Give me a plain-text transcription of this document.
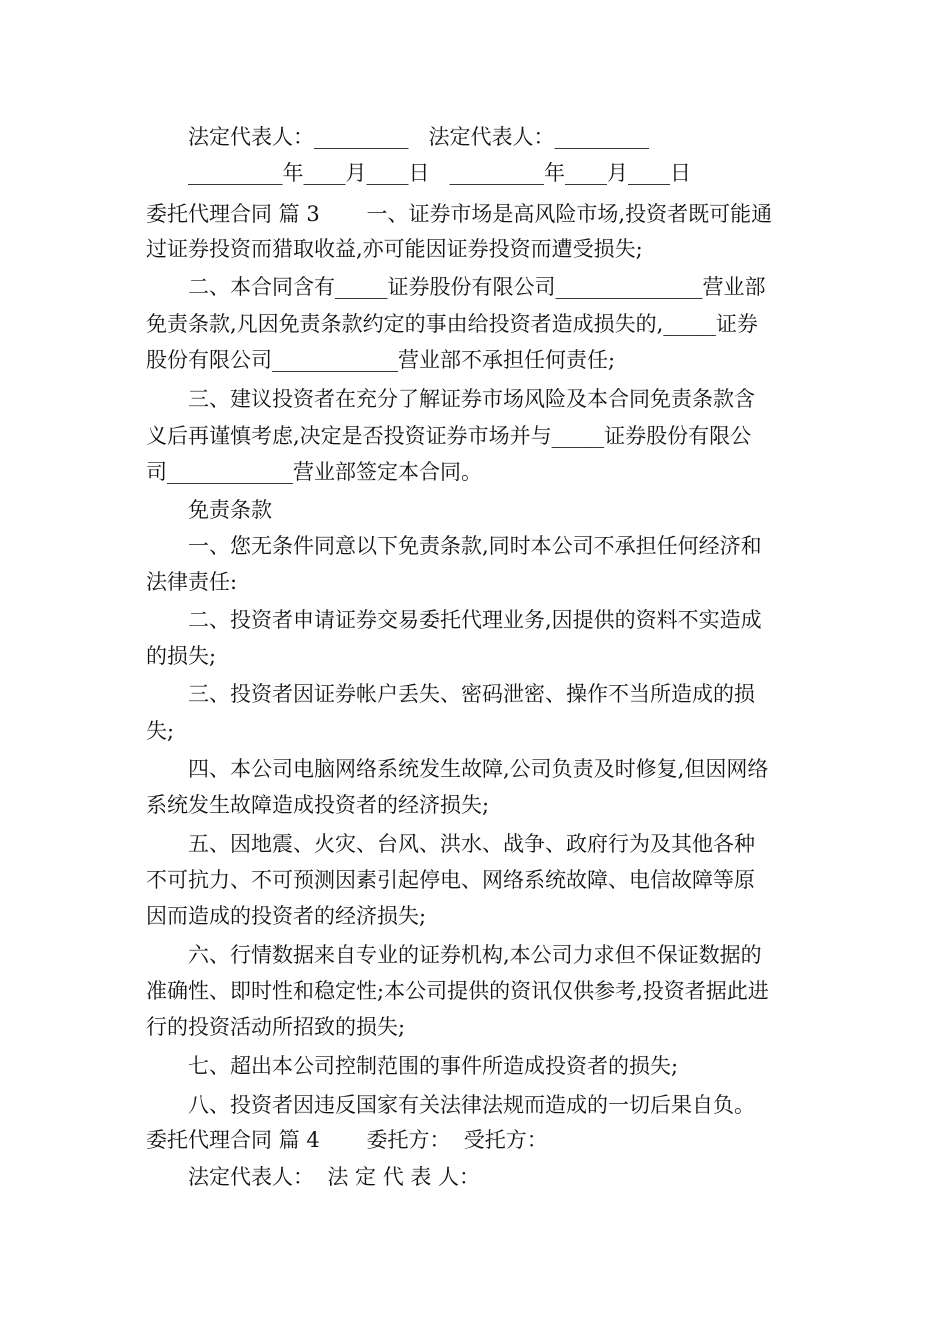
法定代表人：_________   法定代表人：_________
_________年____月____日   _________年____月____日
委托代理合同 篇 3       一、证券市场是高风险市场,投资者既可能通
过证券投资而猎取收益,亦可能因证券投资而遭受损失;
二、本合同含有_____证券股份有限公司______________营业部
免责条款,凡因免责条款约定的事由给投资者造成损失的,_____证券
股份有限公司____________营业部不承担任何责任;
三、建议投资者在充分了解证券市场风险及本合同免责条款含
义后再谨慎考虑,决定是否投资证券市场并与_____证券股份有限公
司____________营业部签定本合同。
免责条款
一、您无条件同意以下免责条款,同时本公司不承担任何经济和
法律责任:
二、投资者申请证券交易委托代理业务,因提供的资料不实造成
的损失;
三、投资者因证券帐户丢失、密码泄密、操作不当所造成的损
失;
四、本公司电脑网络系统发生故障,公司负责及时修复,但因网络
系统发生故障造成投资者的经济损失;
五、因地震、火灾、台风、洪水、战争、政府行为及其他各种
不可抗力、不可预测因素引起停电、网络系统故障、电信故障等原
因而造成的投资者的经济损失;
六、行情数据来自专业的证券机构,本公司力求但不保证数据的
准确性、即时性和稳定性;本公司提供的资讯仅供参考,投资者据此进
行的投资活动所招致的损失;
七、超出本公司控制范围的事件所造成投资者的损失;
八、投资者因违反国家有关法律法规而造成的一切后果自负。
委托代理合同 篇 4       委托方：  受托方：
法定代表人：  法 定 代 表 人：
